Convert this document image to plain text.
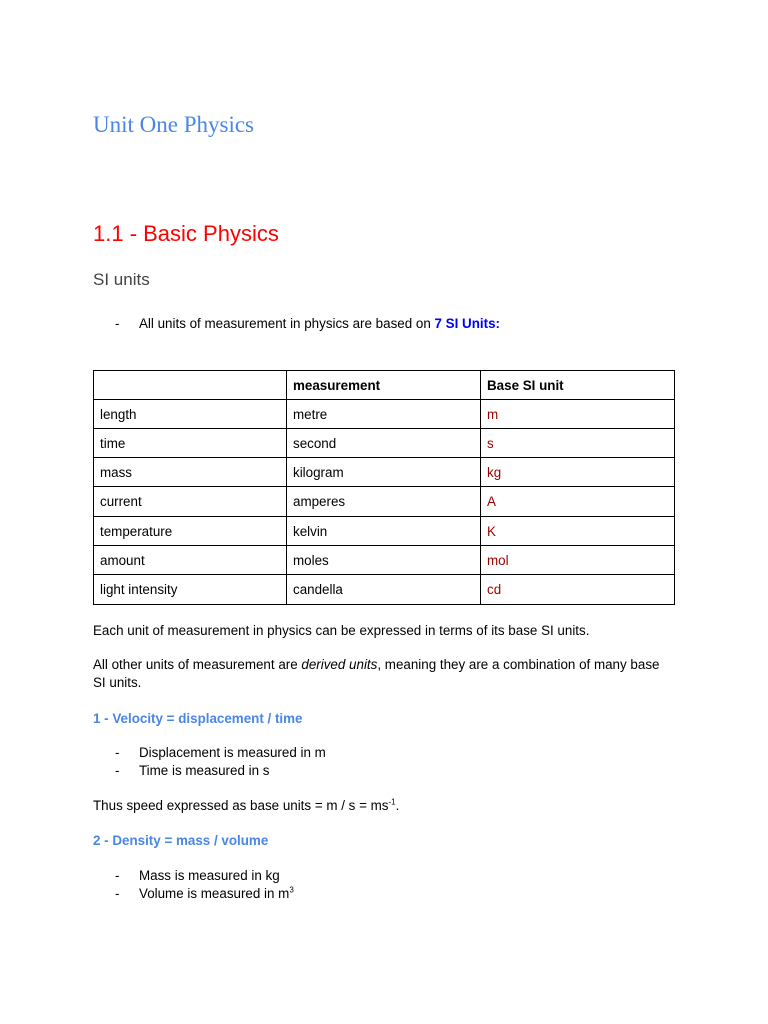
Unit One Physics
1.1 - Basic Physics
SI units
- All units of measurement in physics are based on 7 SI Units:
	measurement	Base SI unit
length	metre	m
time	second	s
mass	kilogram	kg
current	amperes	A
temperature	kelvin	K
amount	moles	mol
light intensity	candella	cd

Each unit of measurement in physics can be expressed in terms of its base SI units.

All other units of measurement are derived units, meaning they are a combination of many base SI units.

1 - Velocity = displacement / time

- Displacement is measured in m
- Time is measured in s

Thus speed expressed as base units = $m / s = ms^{-1}$.

2 - Density = mass / volume

- Mass is measured in kg
- Volume is measured in $m^3$
